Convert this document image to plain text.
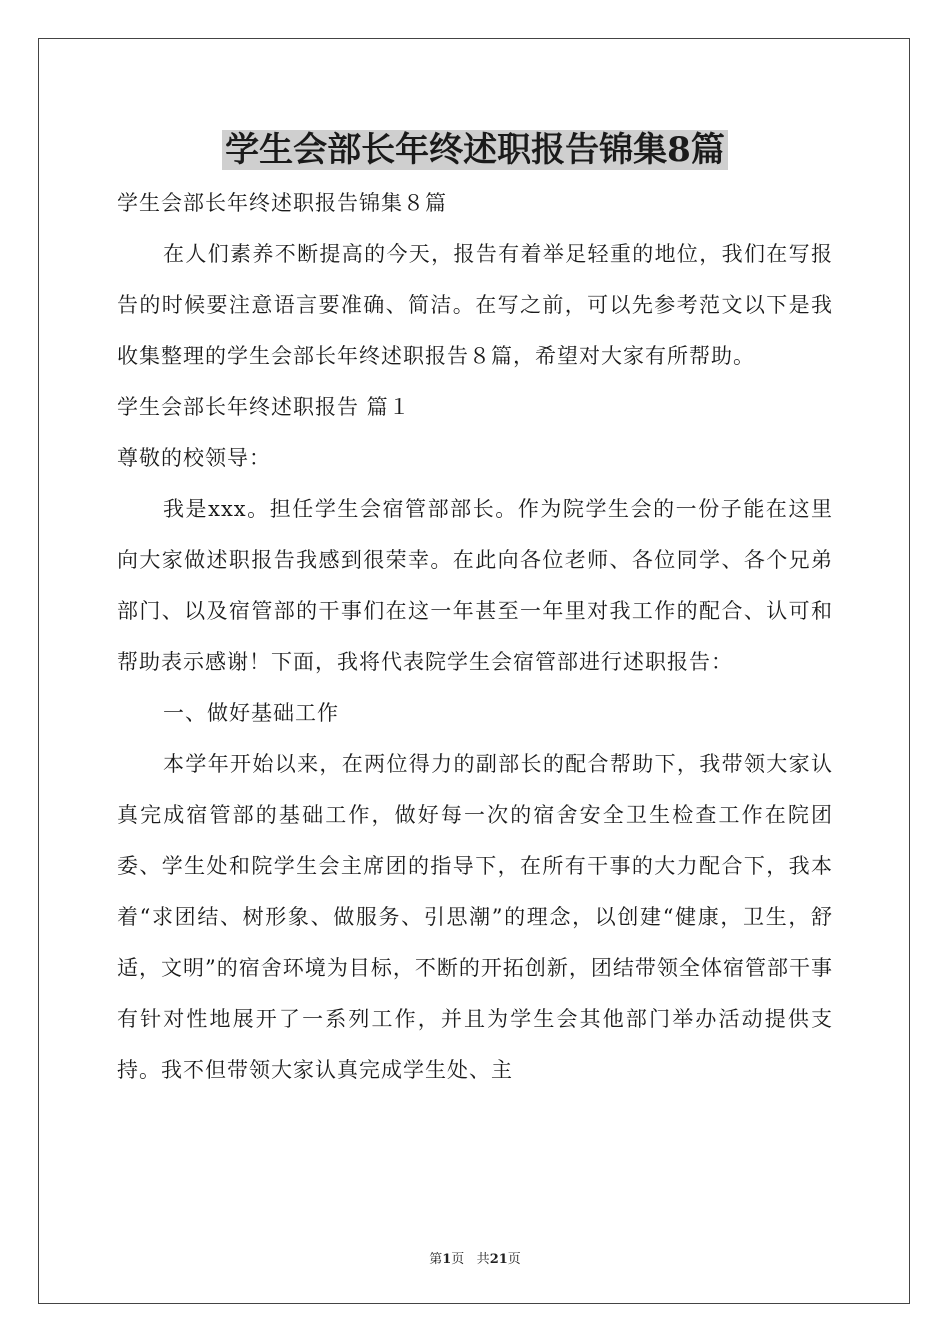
学生会部长年终述职报告锦集8篇

学生会部长年终述职报告锦集８篇

在人们素养不断提高的今天，报告有着举足轻重的地位，我们在写报告的时候要注意语言要准确、简洁。在写之前，可以先参考范文以下是我收集整理的学生会部长年终述职报告８篇，希望对大家有所帮助。

学生会部长年终述职报告 篇１

尊敬的校领导：

我是xxx。担任学生会宿管部部长。作为院学生会的一份子能在这里向大家做述职报告我感到很荣幸。在此向各位老师、各位同学、各个兄弟部门、以及宿管部的干事们在这一年甚至一年里对我工作的配合、认可和帮助表示感谢！下面，我将代表院学生会宿管部进行述职报告：

一、做好基础工作

本学年开始以来，在两位得力的副部长的配合帮助下，我带领大家认真完成宿管部的基础工作，做好每一次的宿舍安全卫生检查工作在院团委、学生处和院学生会主席团的指导下，在所有干事的大力配合下，我本着“求团结、树形象、做服务、引思潮”的理念，以创建“健康，卫生，舒适，文明”的宿舍环境为目标，不断的开拓创新，团结带领全体宿管部干事有针对性地展开了一系列工作，并且为学生会其他部门举办活动提供支持。我不但带领大家认真完成学生处、主

第1页 共21页
